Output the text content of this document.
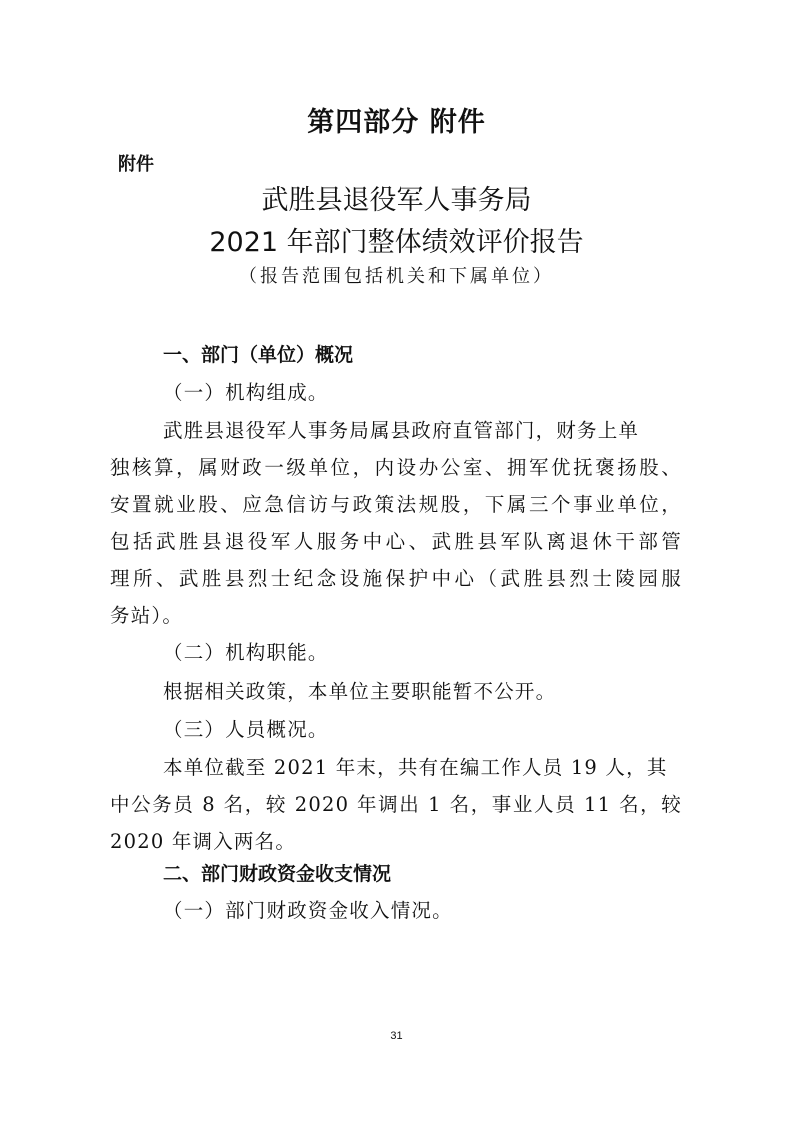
第四部分 附件
附件
武胜县退役军人事务局
2021 年部门整体绩效评价报告
（报告范围包括机关和下属单位）
一、部门（单位）概况
（一）机构组成。
武胜县退役军人事务局属县政府直管部门，财务上单
独核算，属财政一级单位，内设办公室、拥军优抚褒扬股、
安置就业股、应急信访与政策法规股，下属三个事业单位，
包括武胜县退役军人服务中心、武胜县军队离退休干部管
理所、武胜县烈士纪念设施保护中心（武胜县烈士陵园服
务站）。
（二）机构职能。
根据相关政策，本单位主要职能暂不公开。
（三）人员概况。
本单位截至 2021 年末，共有在编工作人员 19 人，其
中公务员 8 名，较 2020 年调出 1 名，事业人员 11 名，较
2020 年调入两名。
二、部门财政资金收支情况
（一）部门财政资金收入情况。
31
